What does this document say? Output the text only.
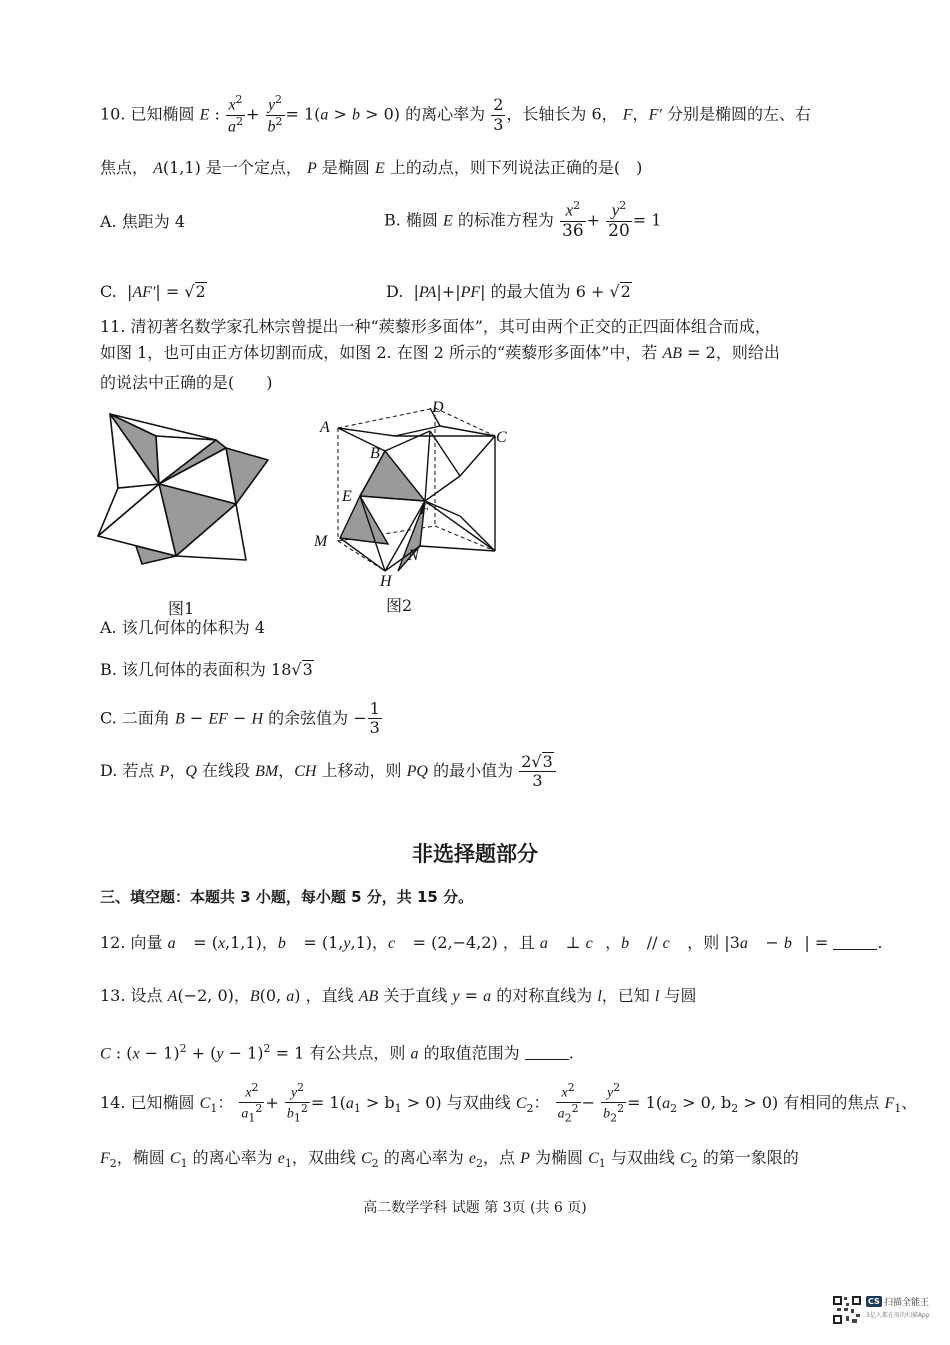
10. 已知椭圆 E : $\frac{x^2}{a^2} + \frac{y^2}{b^2} = 1(a > b > 0)$ 的离心率为 $\frac{2}{3}$ ，长轴长为 6， F，F′ 分别是椭圆的左、右
焦点， A(1,1) 是一个定点， P 是椭圆 E 上的动点，则下列说法正确的是(　)
A. 焦距为 4	B. 椭圆 E 的标准方程为 $\frac{x^2}{36} + \frac{y^2}{20} = 1$
C.  |AF′| = √2	D.  |PA|+|PF| 的最大值为 6 + √2
11. 清初著名数学家孔林宗曾提出一种“蒺藜形多面体”，其可由两个正交的正四面体组合而成，
如图 1，也可由正方体切割而成，如图 2. 在图 2 所示的“蒺藜形多面体”中，若 AB = 2，则给出
的说法中正确的是(　　)
图1
A
B
C
D
E
F
M
N
H
图2
A. 该几何体的体积为 4
B. 该几何体的表面积为 18√3
C. 二面角 B − EF − H 的余弦值为 − $\frac{1}{3}$
D. 若点 P，Q 在线段 BM，CH 上移动，则 PQ 的最小值为 $\frac{2√3}{3}$
非选择题部分
三、填空题：本题共 3 小题，每小题 5 分，共 15 分。
12. 向量 a⃗ = (x,1,1)，b⃗ = (1,y,1)，c⃗ = (2,−4,2) ，且 a⃗ ⊥ c⃗，b⃗ // c⃗ ，则 |3a⃗ − b⃗| =	.
13. 设点 A(−2, 0)，B(0, a) ，直线 AB 关于直线 y = a 的对称直线为 l，已知 l 与圆
C : $(x - 1)^2 + (y - 1)^2 = 1$ 有公共点，则 a 的取值范围为	.
14. 已知椭圆 $C_1$： $\frac{x^2}{a_1^2} + \frac{y^2}{b_1^2} = 1(a_1 > b_1 > 0)$ 与双曲线 $C_2$： $\frac{x^2}{a_2^2} - \frac{y^2}{b_2^2} = 1(a_2 > 0$, $b_2 > 0$) 有相同的焦点 $F_1$、
$F_2$，椭圆 $C_1$ 的离心率为 $e_1$，双曲线 $C_2$ 的离心率为 $e_2$，点 P 为椭圆 $C_1$ 与双曲线 $C_2$ 的第一象限的
高二数学学科 试题 第 3页 (共 6 页)
CS 扫描全能王
3亿人都在用的扫描App
